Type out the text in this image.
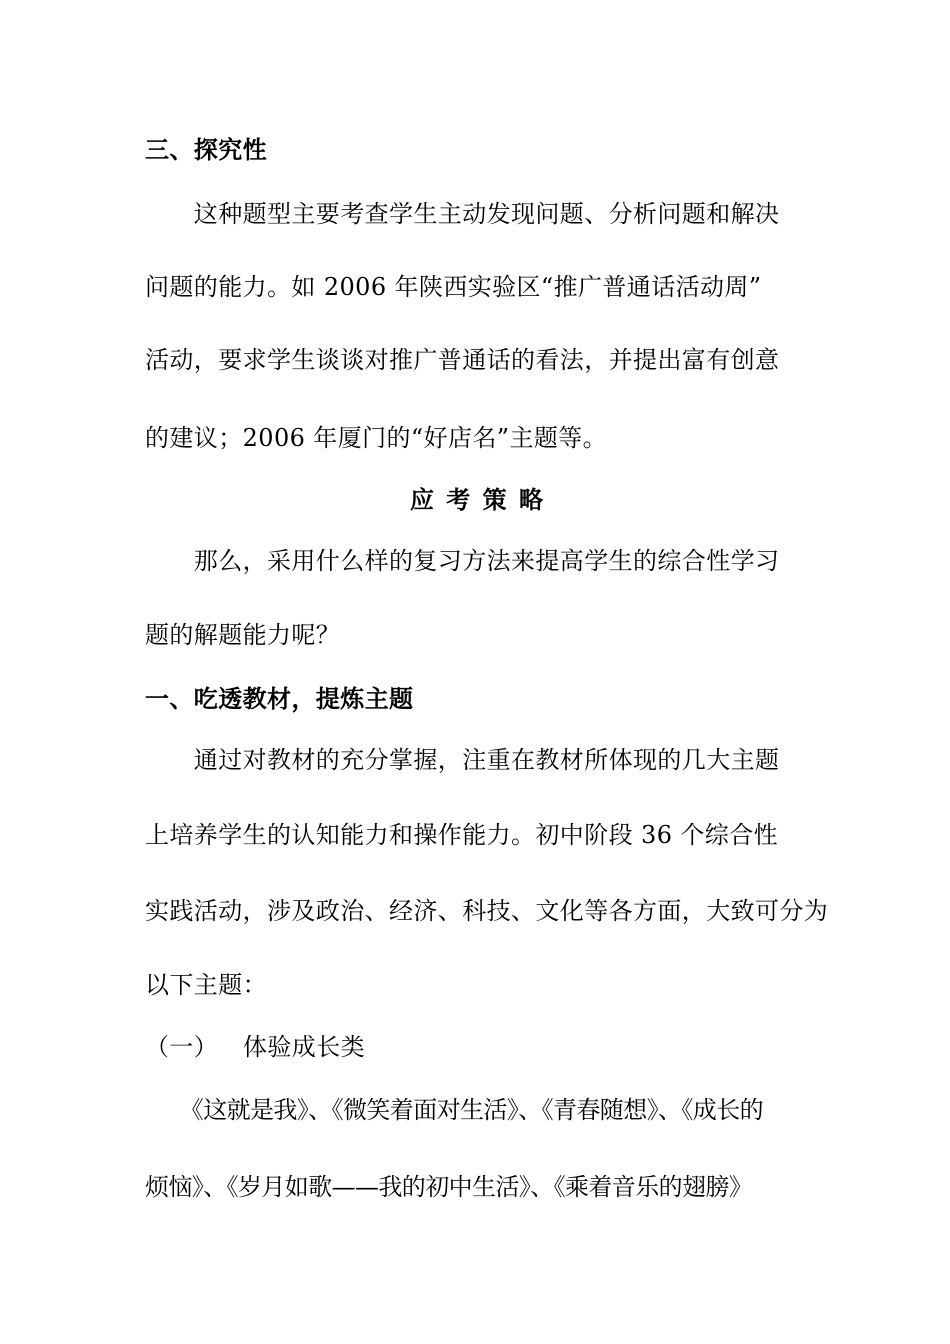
三、探究性
　　这种题型主要考查学生主动发现问题、分析问题和解决
问题的能力。如 2006 年陕西实验区“推广普通话活动周”
活动，要求学生谈谈对推广普通话的看法，并提出富有创意
的建议；2006 年厦门的“好店名”主题等。
应 考 策 略
　　那么，采用什么样的复习方法来提高学生的综合性学习
题的解题能力呢？
一、吃透教材，提炼主题
　　通过对教材的充分掌握，注重在教材所体现的几大主题
上培养学生的认知能力和操作能力。初中阶段 36 个综合性
实践活动，涉及政治、经济、科技、文化等各方面，大致可分为
以下主题：
（一） 体验成长类
　　《这就是我》、《微笑着面对生活》、《青春随想》、《成长的
烦恼》、《岁月如歌——我的初中生活》、《乘着音乐的翅膀》
